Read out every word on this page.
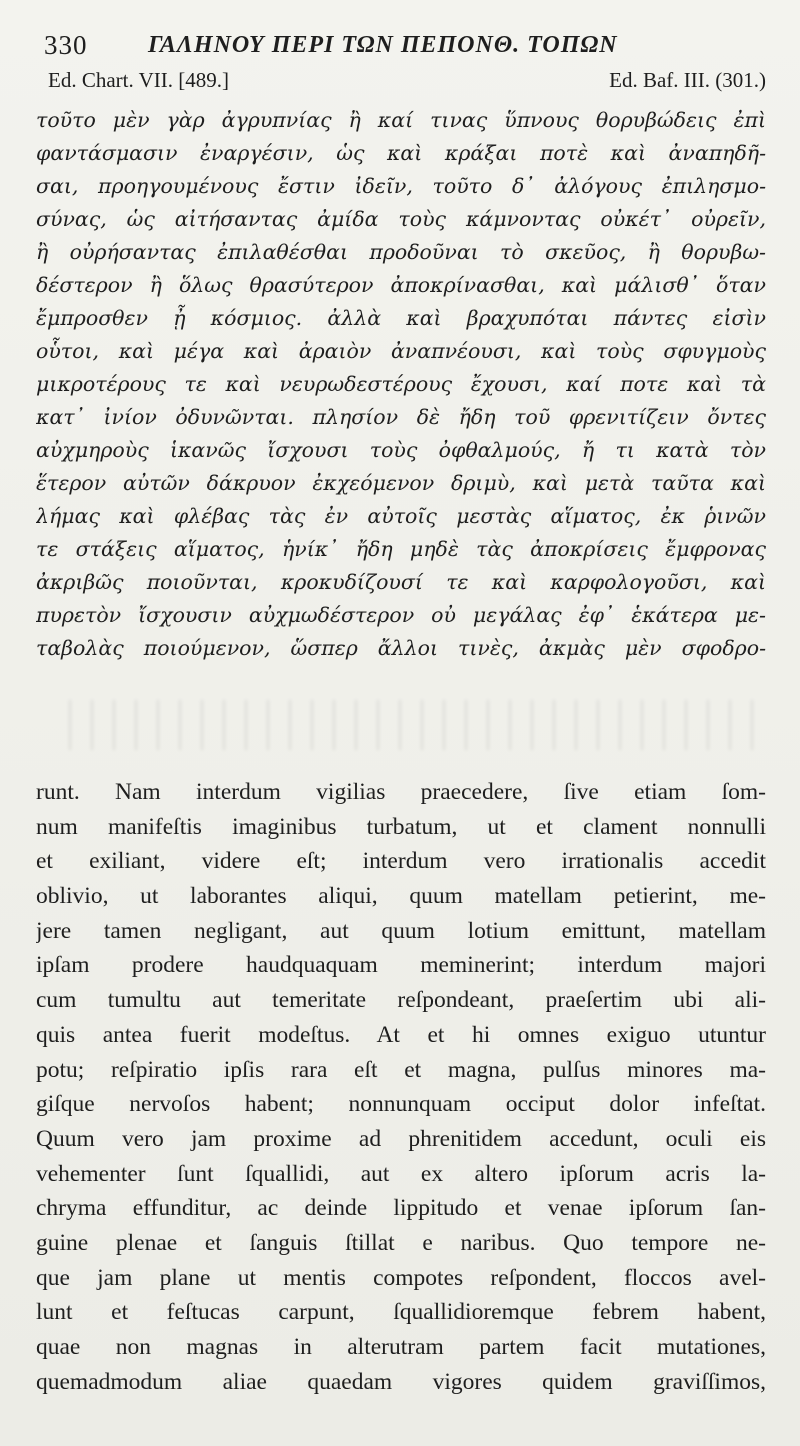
330	ΓΑΛΗΝΟΥ ΠΕΡΙ ΤΩΝ ΠΕΠΟΝΘ. ΤΟΠΩΝ
Ed. Chart. VII. [489.]	Ed. Baf. III. (301.)
τοῦτο μὲν γὰρ ἀγρυπνίας ἢ καί τινας ὕπνους θορυβώδεις ἐπὶ
φαντάσμασιν ἐναργέσιν, ὡς καὶ κράξαι ποτὲ καὶ ἀναπηδῆ-
σαι, προηγουμένους ἔστιν ἰδεῖν, τοῦτο δ᾽ ἀλόγους ἐπιλησμο-
σύνας, ὡς αἰτήσαντας ἀμίδα τοὺς κάμνοντας οὐκέτ᾽ οὐρεῖν,
ἢ οὐρήσαντας ἐπιλαθέσθαι προδοῦναι τὸ σκεῦος, ἢ θορυβω-
δέστερον ἢ ὅλως θρασύτερον ἀποκρίνασθαι, καὶ μάλισθ᾽ ὅταν
ἔμπροσθεν ᾖ κόσμιος. ἀλλὰ καὶ βραχυπόται πάντες εἰσὶν
οὗτοι, καὶ μέγα καὶ ἀραιὸν ἀναπνέουσι, καὶ τοὺς σφυγμοὺς
μικροτέρους τε καὶ νευρωδεστέρους ἔχουσι, καί ποτε καὶ τὰ
κατ᾽ ἰνίον ὀδυνῶνται. πλησίον δὲ ἤδη τοῦ φρενιτίζειν ὄντες
αὐχμηροὺς ἱκανῶς ἴσχουσι τοὺς ὀφθαλμούς, ἤ τι κατὰ τὸν
ἕτερον αὐτῶν δάκρυον ἐκχεόμενον δριμὺ, καὶ μετὰ ταῦτα καὶ
λήμας καὶ φλέβας τὰς ἐν αὐτοῖς μεστὰς αἵματος, ἐκ ῥινῶν
τε στάξεις αἵματος, ἡνίκ᾽ ἤδη μηδὲ τὰς ἀποκρίσεις ἔμφρονας
ἀκριβῶς ποιοῦνται, κροκυδίζουσί τε καὶ καρφολογοῦσι, καὶ
πυρετὸν ἴσχουσιν αὐχμωδέστερον οὐ μεγάλας ἐφ᾽ ἑκάτερα με-
ταβολὰς ποιούμενον, ὥσπερ ἄλλοι τινὲς, ἀκμὰς μὲν σφοδρο-
runt. Nam interdum vigilias praecedere, ſive etiam ſom-
num manifeſtis imaginibus turbatum, ut et clament nonnulli
et exiliant, videre eſt; interdum vero irrationalis accedit
oblivio, ut laborantes aliqui, quum matellam petierint, me-
jere tamen negligant, aut quum lotium emittunt, matellam
ipſam prodere haudquaquam meminerint; interdum majori
cum tumultu aut temeritate reſpondeant, praeſertim ubi ali-
quis antea fuerit modeſtus. At et hi omnes exiguo utuntur
potu; reſpiratio ipſis rara eſt et magna, pulſus minores ma-
giſque nervoſos habent; nonnunquam occiput dolor infeſtat.
Quum vero jam proxime ad phrenitidem accedunt, oculi eis
vehementer ſunt ſquallidi, aut ex altero ipſorum acris la-
chryma effunditur, ac deinde lippitudo et venae ipſorum ſan-
guine plenae et ſanguis ſtillat e naribus. Quo tempore ne-
que jam plane ut mentis compotes reſpondent, floccos avel-
lunt et feſtucas carpunt, ſquallidioremque febrem habent,
quae non magnas in alterutram partem facit mutationes,
quemadmodum aliae quaedam vigores quidem graviſſimos,
